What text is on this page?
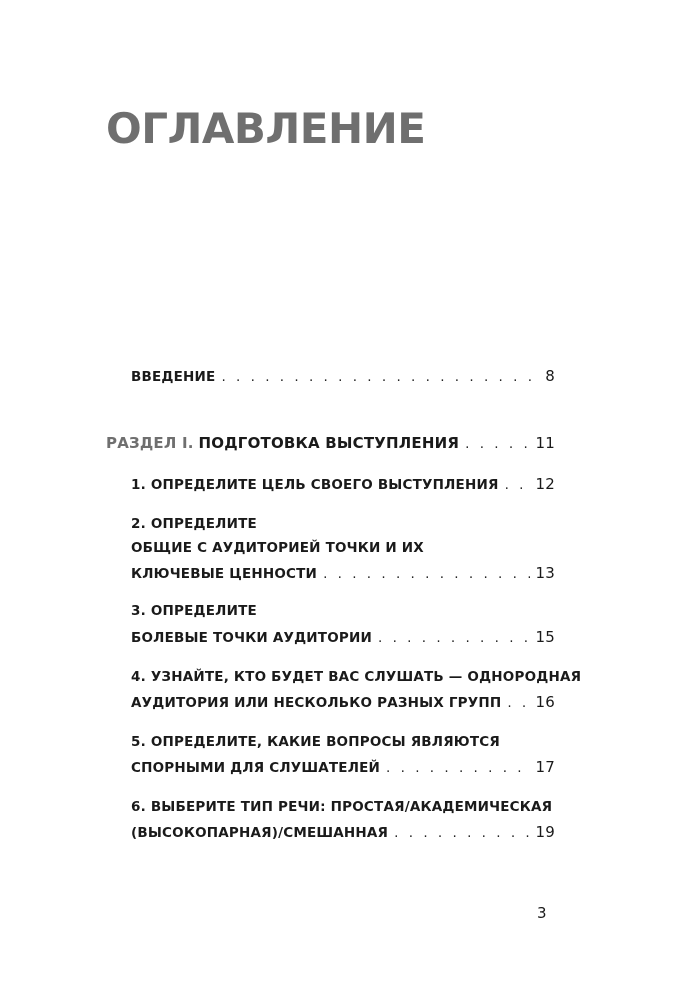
ОГЛАВЛЕНИЕ
ВВЕДЕНИЕ . . .	8
РАЗДЕЛ I. ПОДГОТОВКА ВЫСТУПЛЕНИЯ . . .	11
1. ОПРЕДЕЛИТЕ ЦЕЛЬ СВОЕГО ВЫСТУПЛЕНИЯ . . . 12
2. ОПРЕДЕЛИТЕ
ОБЩИЕ С АУДИТОРИЕЙ ТОЧКИ И ИХ
КЛЮЧЕВЫЕ ЦЕННОСТИ . . .	13
3. ОПРЕДЕЛИТЕ
БОЛЕВЫЕ ТОЧКИ АУДИТОРИИ . . .	15
4. УЗНАЙТЕ, КТО БУДЕТ ВАС СЛУШАТЬ — ОДНОРОДНАЯ
АУДИТОРИЯ ИЛИ НЕСКОЛЬКО РАЗНЫХ ГРУПП . . . 16
5. ОПРЕДЕЛИТЕ, КАКИЕ ВОПРОСЫ ЯВЛЯЮТСЯ
СПОРНЫМИ ДЛЯ СЛУШАТЕЛЕЙ . . .	17
6. ВЫБЕРИТЕ ТИП РЕЧИ: ПРОСТАЯ/АКАДЕМИЧЕСКАЯ
(ВЫСОКОПАРНАЯ)/СМЕШАННАЯ . . .	19
3
